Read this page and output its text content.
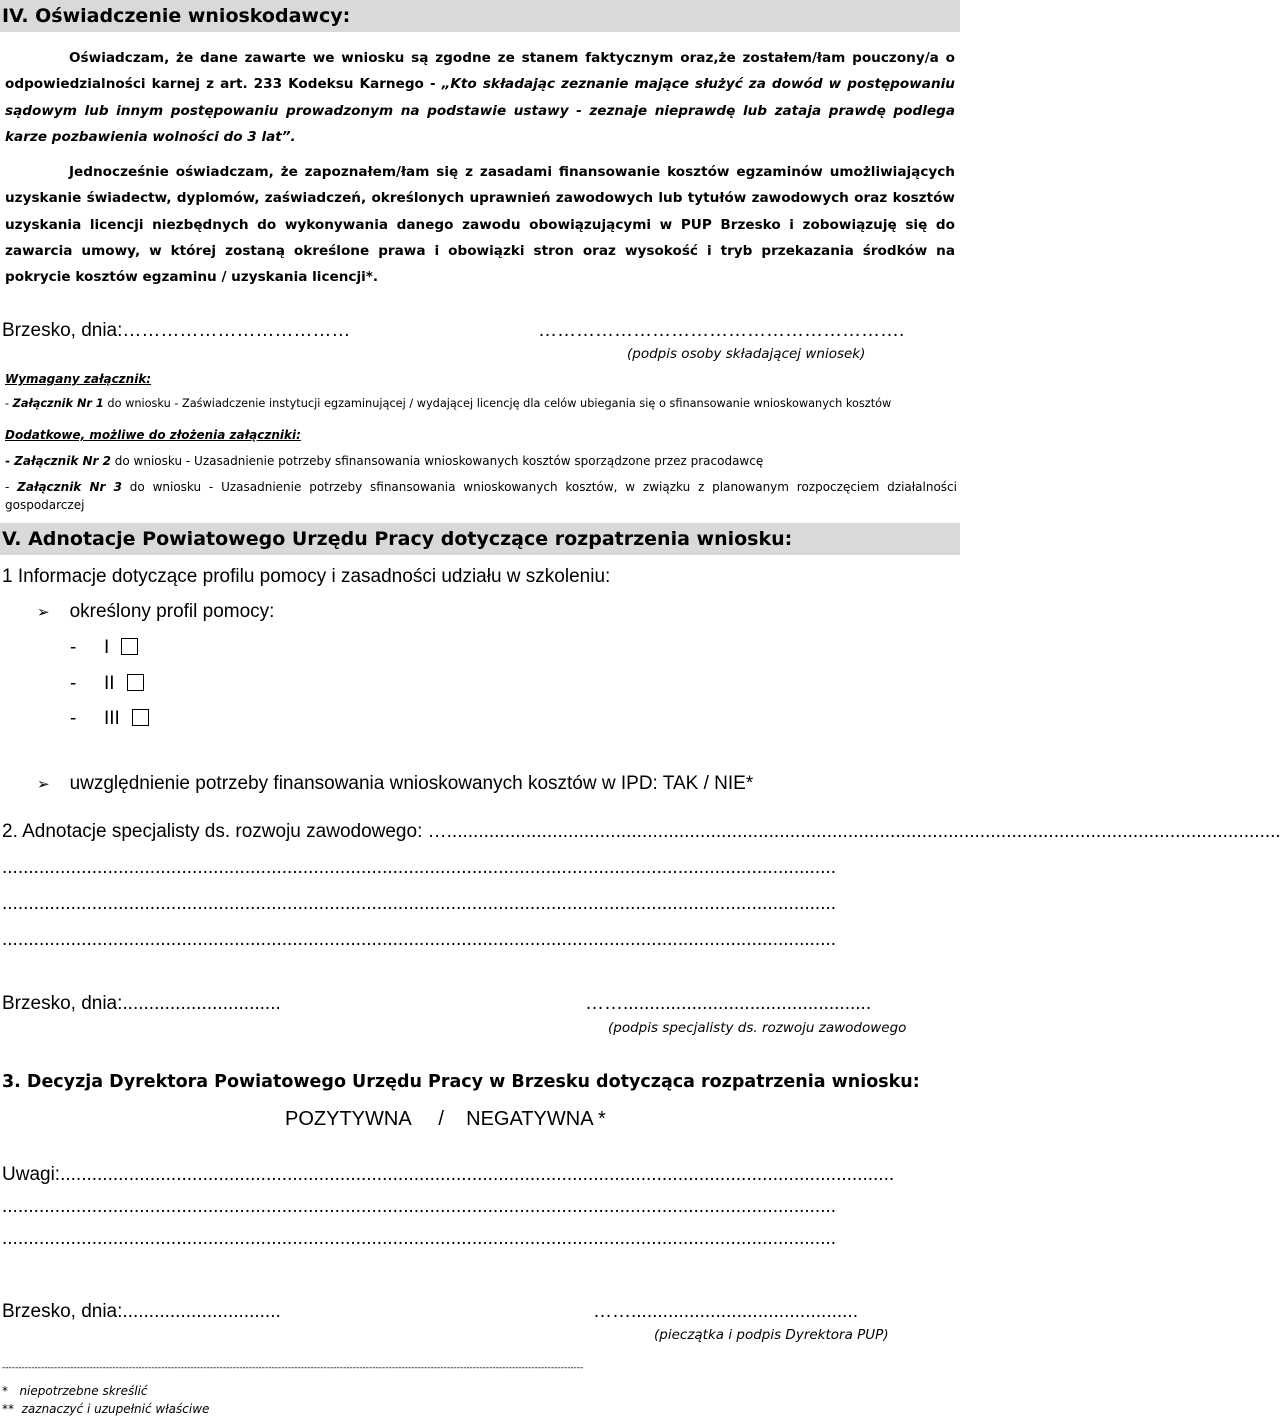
IV. Oświadczenie wnioskodawcy:

Oświadczam, że dane zawarte we wniosku są zgodne ze stanem faktycznym oraz,że zostałem/łam pouczony/a o odpowiedzialności karnej z art. 233 Kodeksu Karnego - „Kto składając zeznanie mające służyć za dowód w postępowaniu sądowym lub innym postępowaniu prowadzonym na podstawie ustawy - zeznaje nieprawdę lub zataja prawdę podlega karze pozbawienia wolności do 3 lat”.

Jednocześnie oświadczam, że zapoznałem/łam się z zasadami finansowanie kosztów egzaminów umożliwiających uzyskanie świadectw, dyplomów, zaświadczeń, określonych uprawnień zawodowych lub tytułów zawodowych oraz kosztów uzyskania licencji niezbędnych do wykonywania danego zawodu obowiązującymi w PUP Brzesko i zobowiązuję się do zawarcia umowy, w której zostaną określone prawa i obowiązki stron oraz wysokość i tryb przekazania środków na pokrycie kosztów egzaminu / uzyskania licencji*.

Brzesko, dnia:………………………………	………………………………………………….
(podpis osoby składającej wniosek)
Wymagany załącznik:
- Załącznik Nr 1 do wniosku - Zaświadczenie instytucji egzaminującej / wydającej licencję dla celów ubiegania się o sfinansowanie wnioskowanych kosztów
Dodatkowe, możliwe do złożenia załączniki:
- Załącznik Nr 2 do wniosku - Uzasadnienie potrzeby sfinansowania wnioskowanych kosztów sporządzone przez pracodawcę
- Załącznik Nr 3 do wniosku - Uzasadnienie potrzeby sfinansowania wnioskowanych kosztów, w związku z planowanym rozpoczęciem działalności gospodarczej
V. Adnotacje Powiatowego Urzędu Pracy dotyczące rozpatrzenia wniosku:
1 Informacje dotyczące profilu pomocy i zasadności udziału w szkoleniu:
➢ określony profil pomocy:
- I
- II
- III
➢ uwzględnienie potrzeby finansowania wnioskowanych kosztów w IPD: TAK / NIE*
2. Adnotacje specjalisty ds. rozwoju zawodowego: …..............................................................................................................................................................
..............................................................................................................................................................
..............................................................................................................................................................
..............................................................................................................................................................
Brzesko, dnia:..............................	……...............................................
(podpis specjalisty ds. rozwoju zawodowego
3. Decyzja Dyrektora Powiatowego Urzędu Pracy w Brzesku dotycząca rozpatrzenia wniosku:
POZYTYWNA     /    NEGATYWNA *
Uwagi:..............................................................................................................................................................
..............................................................................................................................................................
..............................................................................................................................................................
Brzesko, dnia:..............................	……...........................................
(pieczątka i podpis Dyrektora PUP)
-----------------------------------------------------------------------------------------------------------------------------------------------------------------------------------
*   niepotrzebne skreślić
**  zaznaczyć i uzupełnić właściwe
